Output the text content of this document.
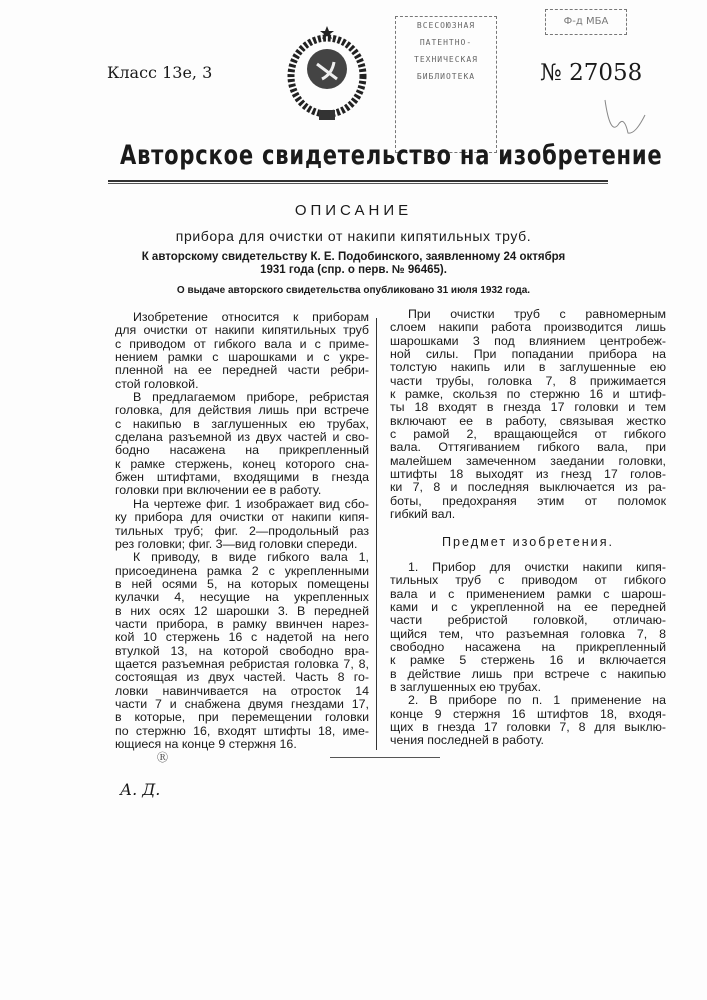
Класс 13е, 3
ВСЕСОЮЗНАЯ
ПАТЕНТНО-
ТЕХНИЧЕСКАЯ
БИБЛИОТЕКА
Ф-д МБА
№ 27058
Авторское свидетельство на изобретение
ОПИСАНИЕ
прибора для очистки от накипи кипятильных труб.
К авторскому свидетельству К. Е. Подобинского, заявленному 24 октября
1931 года (спр. о перв. № 96465).
О выдаче авторского свидетельства опубликовано 31 июля 1932 года.
Изобретение относится к приборам
для очистки от накипи кипятильных труб
с приводом от гибкого вала и с приме-
нением рамки с шарошками и с укре-
пленной на ее передней части ребри-
стой головкой.
В предлагаемом приборе, ребристая
головка, для действия лишь при встрече
с накипью в заглушенных ею трубах,
сделана разъемной из двух частей и сво-
бодно насажена на прикрепленный
к рамке стержень, конец которого сна-
бжен штифтами, входящими в гнезда
головки при включении ее в работу.
На чертеже фиг. 1 изображает вид сбо-
ку прибора для очистки от накипи кипя-
тильных труб; фиг. 2—продольный раз
рез головки; фиг. 3—вид головки спереди.
К приводу, в виде гибкого вала 1,
присоединена рамка 2 с укрепленными
в ней осями 5, на которых помещены
кулачки 4, несущие на укрепленных
в них осях 12 шарошки 3. В передней
части прибора, в рамку ввинчен нарез-
кой 10 стержень 16 с надетой на него
втулкой 13, на которой свободно вра-
щается разъемная ребристая головка 7, 8,
состоящая из двух частей. Часть 8 го-
ловки навинчивается на отросток 14
части 7 и снабжена двумя гнездами 17,
в которые, при перемещении головки
по стержню 16, входят штифты 18, име-
ющиеся на конце 9 стержня 16.
При очистки труб с равномерным
слоем накипи работа производится лишь
шарошками 3 под влиянием центробеж-
ной силы. При попадании прибора на
толстую накипь или в заглушенные ею
части трубы, головка 7, 8 прижимается
к рамке, скользя по стержню 16 и штиф-
ты 18 входят в гнезда 17 головки и тем
включают ее в работу, связывая жестко
с рамой 2, вращающейся от гибкого
вала. Оттягиванием гибкого вала, при
малейшем замеченном заедании головки,
штифты 18 выходят из гнезд 17 голов-
ки 7, 8 и последняя выключается из ра-
боты, предохраняя этим от поломок
гибкий вал.
Предмет изобретения.
1. Прибор для очистки накипи кипя-
тильных труб с приводом от гибкого
вала и с применением рамки с шарош-
ками и с укрепленной на ее передней
части ребристой головкой, отличаю-
щийся тем, что разъемная головка 7, 8
свободно насажена на прикрепленный
к рамке 5 стержень 16 и включается
в действие лишь при встрече с накипью
в заглушенных ею трубах.
2. В приборе по п. 1 применение на
конце 9 стержня 16 штифтов 18, входя-
щих в гнезда 17 головки 7, 8 для выклю-
чения последней в работу.
Ⓡ
А. Д.
